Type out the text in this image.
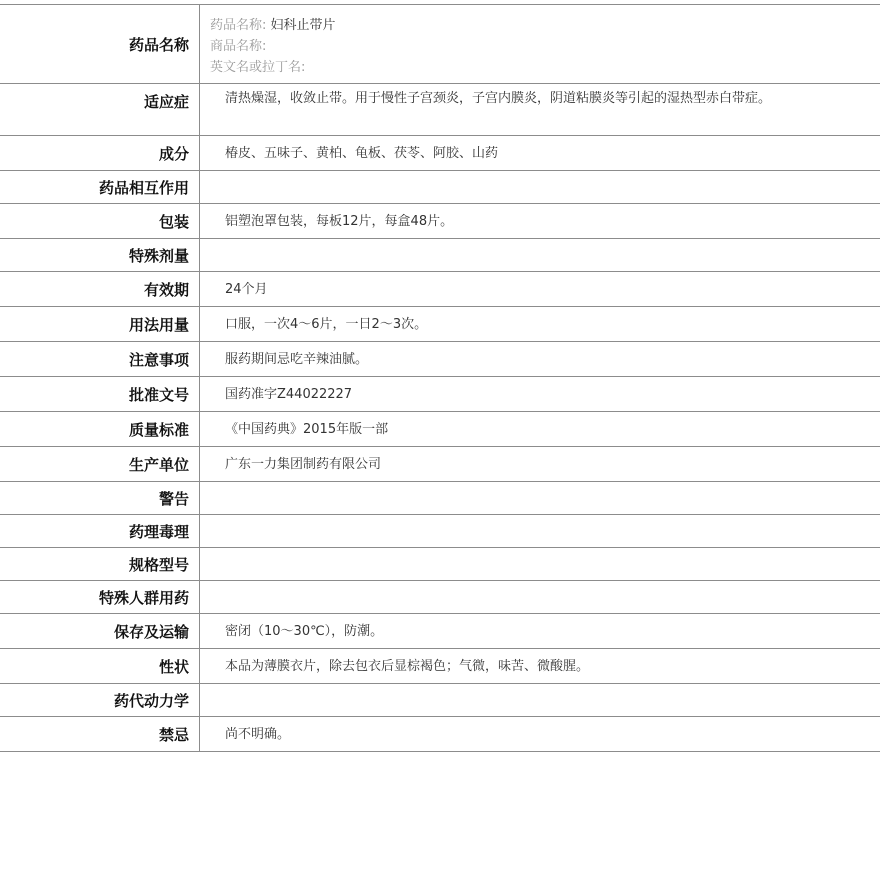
药品名称
药品名称: 妇科止带片
商品名称:
英文名或拉丁名:
适应症	清热燥湿，收敛止带。用于慢性子宫颈炎，子宫内膜炎，阴道粘膜炎等引起的湿热型赤白带症。
成分	椿皮、五味子、黄柏、龟板、茯苓、阿胶、山药
药品相互作用
包装	铝塑泡罩包装，每板12片，每盒48片。
特殊剂量
有效期	24个月
用法用量	口服，一次4～6片，一日2～3次。
注意事项	服药期间忌吃辛辣油腻。
批准文号	国药准字Z44022227
质量标准	《中国药典》2015年版一部
生产单位	广东一力集团制药有限公司
警告
药理毒理
规格型号
特殊人群用药
保存及运输	密闭（10～30℃），防潮。
性状	本品为薄膜衣片，除去包衣后显棕褐色；气微，味苦、微酸腥。
药代动力学
禁忌	尚不明确。
